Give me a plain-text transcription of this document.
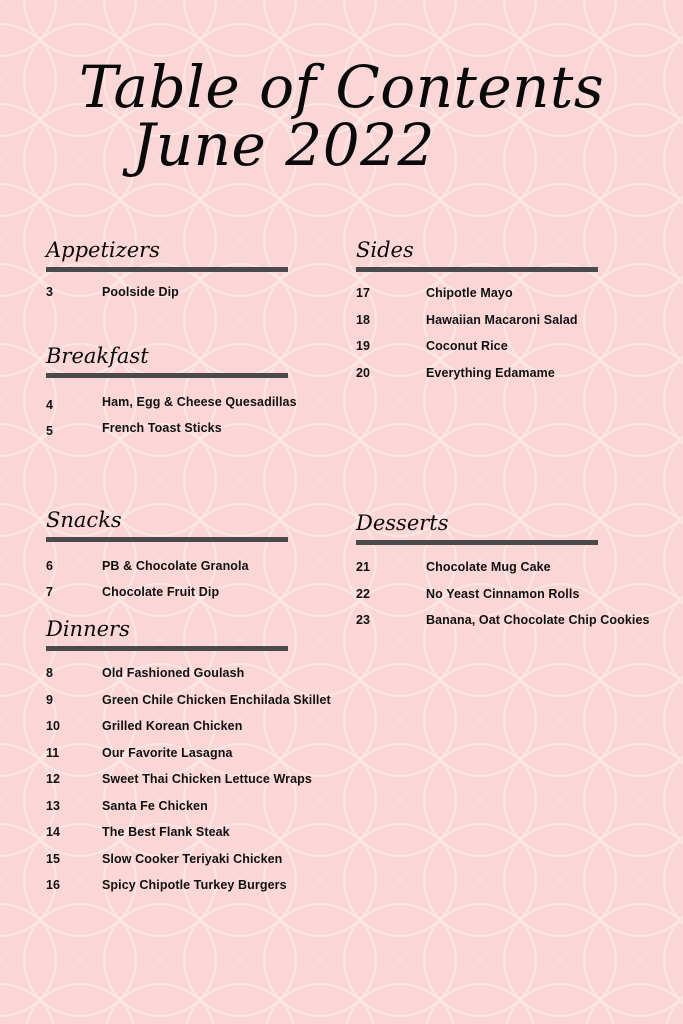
Table of Contents
June 2022
Appetizers
3	Poolside Dip
Breakfast
4	Ham, Egg & Cheese Quesadillas
5	French Toast Sticks
Snacks
6	PB & Chocolate Granola
7	Chocolate Fruit Dip
Dinners
8	Old Fashioned Goulash
9	Green Chile Chicken Enchilada Skillet
10	Grilled Korean Chicken
11	Our Favorite Lasagna
12	Sweet Thai Chicken Lettuce Wraps
13	Santa Fe Chicken
14	The Best Flank Steak
15	Slow Cooker Teriyaki Chicken
16	Spicy Chipotle Turkey Burgers
Sides
17	Chipotle Mayo
18	Hawaiian Macaroni Salad
19	Coconut Rice
20	Everything Edamame
Desserts
21	Chocolate Mug Cake
22	No Yeast Cinnamon Rolls
23	Banana, Oat Chocolate Chip Cookies
